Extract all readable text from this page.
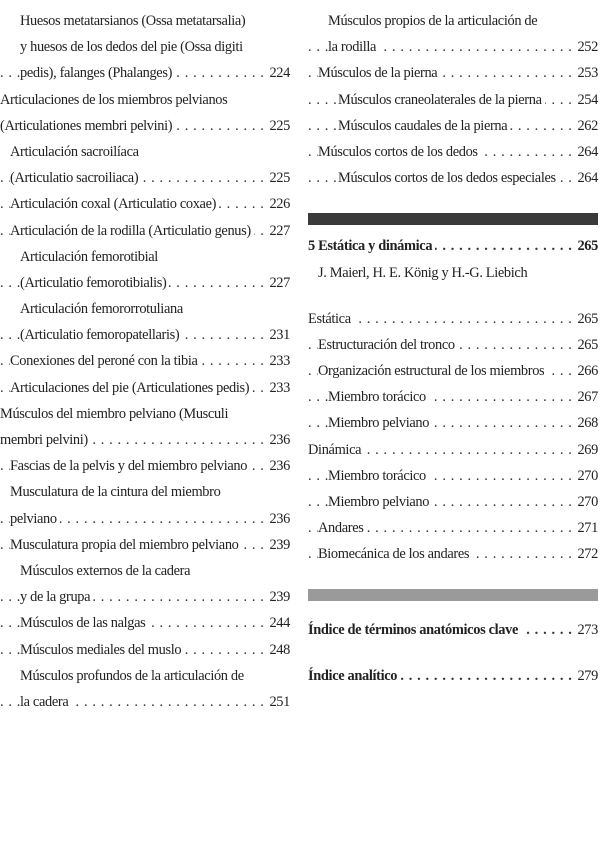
Huesos metatarsianos (Ossa metatarsalia)
y huesos de los dedos del pie (Ossa digiti
. . . pedis), falanges (Phalanges)	224
Articulaciones de los miembros pelvianos
. . . (Articulationes membri pelvini)	225
Articulación sacroilíaca
. . . (Articulatio sacroiliaca)	225
. . . Articulación coxal (Articulatio coxae)	226
. . . Articulación de la rodilla (Articulatio genus) 227
Articulación femorotibial
. . . (Articulatio femorotibialis)	227
Articulación femororrotuliana
. . . (Articulatio femoropatellaris)	231
. . . Conexiones del peroné con la tibia	233
. . . Articulaciones del pie (Articulationes pedis) 233
Músculos del miembro pelviano (Musculi
. . . membri pelvini)	236
. . . Fascias de la pelvis y del miembro pelviano 236
Musculatura de la cintura del miembro
. . . pelviano	236
. . . Musculatura propia del miembro pelviano 239
Músculos externos de la cadera
. . . y de la grupa	239
. . . Músculos de las nalgas	244
. . . Músculos mediales del muslo	248
Músculos profundos de la articulación de
. . . la cadera	251
Músculos propios de la articulación de
. . . la rodilla	252
. . . Músculos de la pierna	253
. . . Músculos craneolaterales de la pierna 254
. . . Músculos caudales de la pierna	262
. . . Músculos cortos de los dedos	264
. . . Músculos cortos de los dedos especiales 264
. . . 5 Estática y dinámica	265
J. Maierl, H. E. König y H.-G. Liebich
. . . Estática	265
. . . Estructuración del tronco	265
. . . Organización estructural de los miembros 266
. . . Miembro torácico	267
. . . Miembro pelviano	268
. . . Dinámica	269
. . . Miembro torácico	270
. . . Miembro pelviano	270
. . . Andares	271
. . . Biomecánica de los andares	272
. . . Índice de términos anatómicos clave	273
. . . Índice analítico	279
